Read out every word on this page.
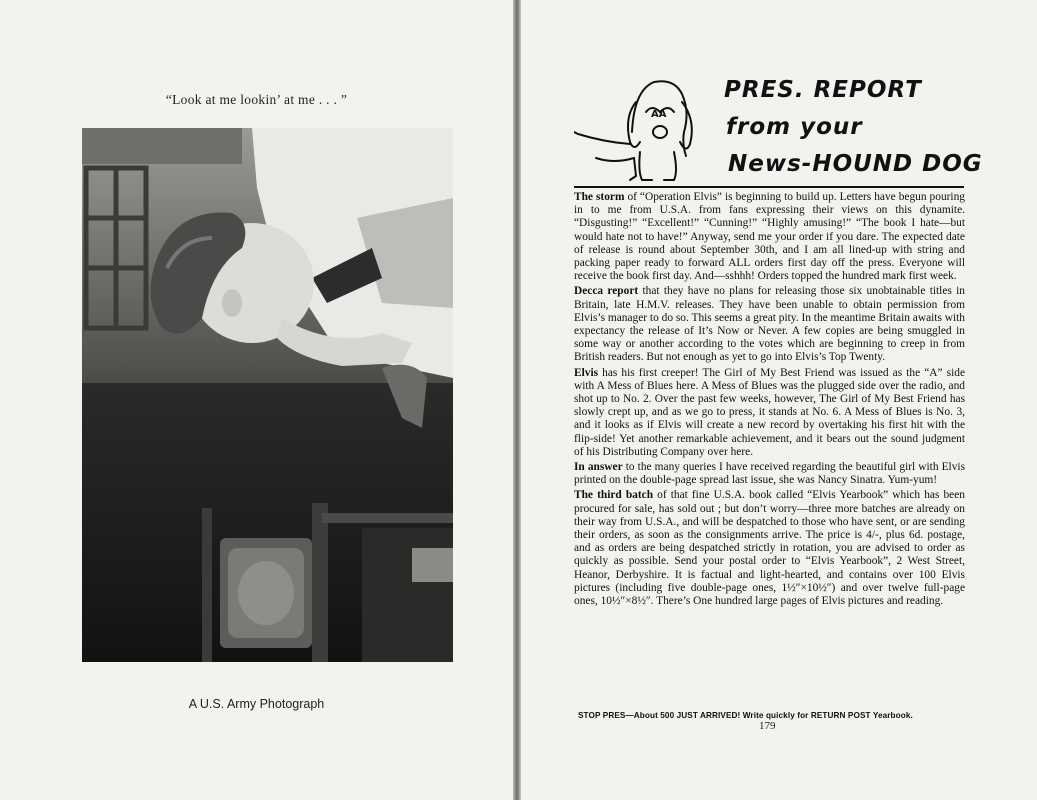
“Look at me lookin’ at me . . . ”
A U.S. Army Photograph
AA
PRES. REPORT
from your
News-HOUND DOG

The storm of “Operation Elvis” is beginning to build up. Letters have begun pouring in to me from U.S.A. from fans expressing their views on this dynamite. “Disgusting!” “Excellent!” “Cunning!” “Highly amusing!” “The book I hate—but would hate not to have!” Anyway, send me your order if you dare. The expected date of release is round about September 30th, and I am all lined-up with string and packing paper ready to forward ALL orders first day off the press. Everyone will receive the book first day. And—sshhh! Orders topped the hundred mark first week.

Decca report that they have no plans for releasing those six unobtainable titles in Britain, late H.M.V. releases. They have been unable to obtain permission from Elvis’s manager to do so. This seems a great pity. In the meantime Britain awaits with expectancy the release of It’s Now or Never. A few copies are being smuggled in some way or another according to the votes which are beginning to creep in from British readers. But not enough as yet to go into Elvis’s Top Twenty.

Elvis has his first creeper! The Girl of My Best Friend was issued as the “A” side with A Mess of Blues here. A Mess of Blues was the plugged side over the radio, and shot up to No. 2. Over the past few weeks, however, The Girl of My Best Friend has slowly crept up, and as we go to press, it stands at No. 6. A Mess of Blues is No. 3, and it looks as if Elvis will create a new record by overtaking his first hit with the flip-side! Yet another remarkable achievement, and it bears out the sound judgment of his Distributing Company over here.

In answer to the many queries I have received regarding the beautiful girl with Elvis printed on the double-page spread last issue, she was Nancy Sinatra. Yum-yum!

The third batch of that fine U.S.A. book called “Elvis Yearbook” which has been procured for sale, has sold out ; but don’t worry—three more batches are already on their way from U.S.A., and will be despatched to those who have sent, or are sending their orders, as soon as the consignments arrive. The price is 4/-, plus 6d. postage, and as orders are being despatched strictly in rotation, you are advised to order as quickly as possible. Send your postal order to “Elvis Yearbook”, 2 West Street, Heanor, Derbyshire. It is factual and light-hearted, and contains over 100 Elvis pictures (including five double-page ones, 1½″×10½″) and over twelve full-page ones, 10½″×8½″. There’s One hundred large pages of Elvis pictures and reading.

STOP PRES—About 500 JUST ARRIVED! Write quickly for RETURN POST Yearbook.
179
